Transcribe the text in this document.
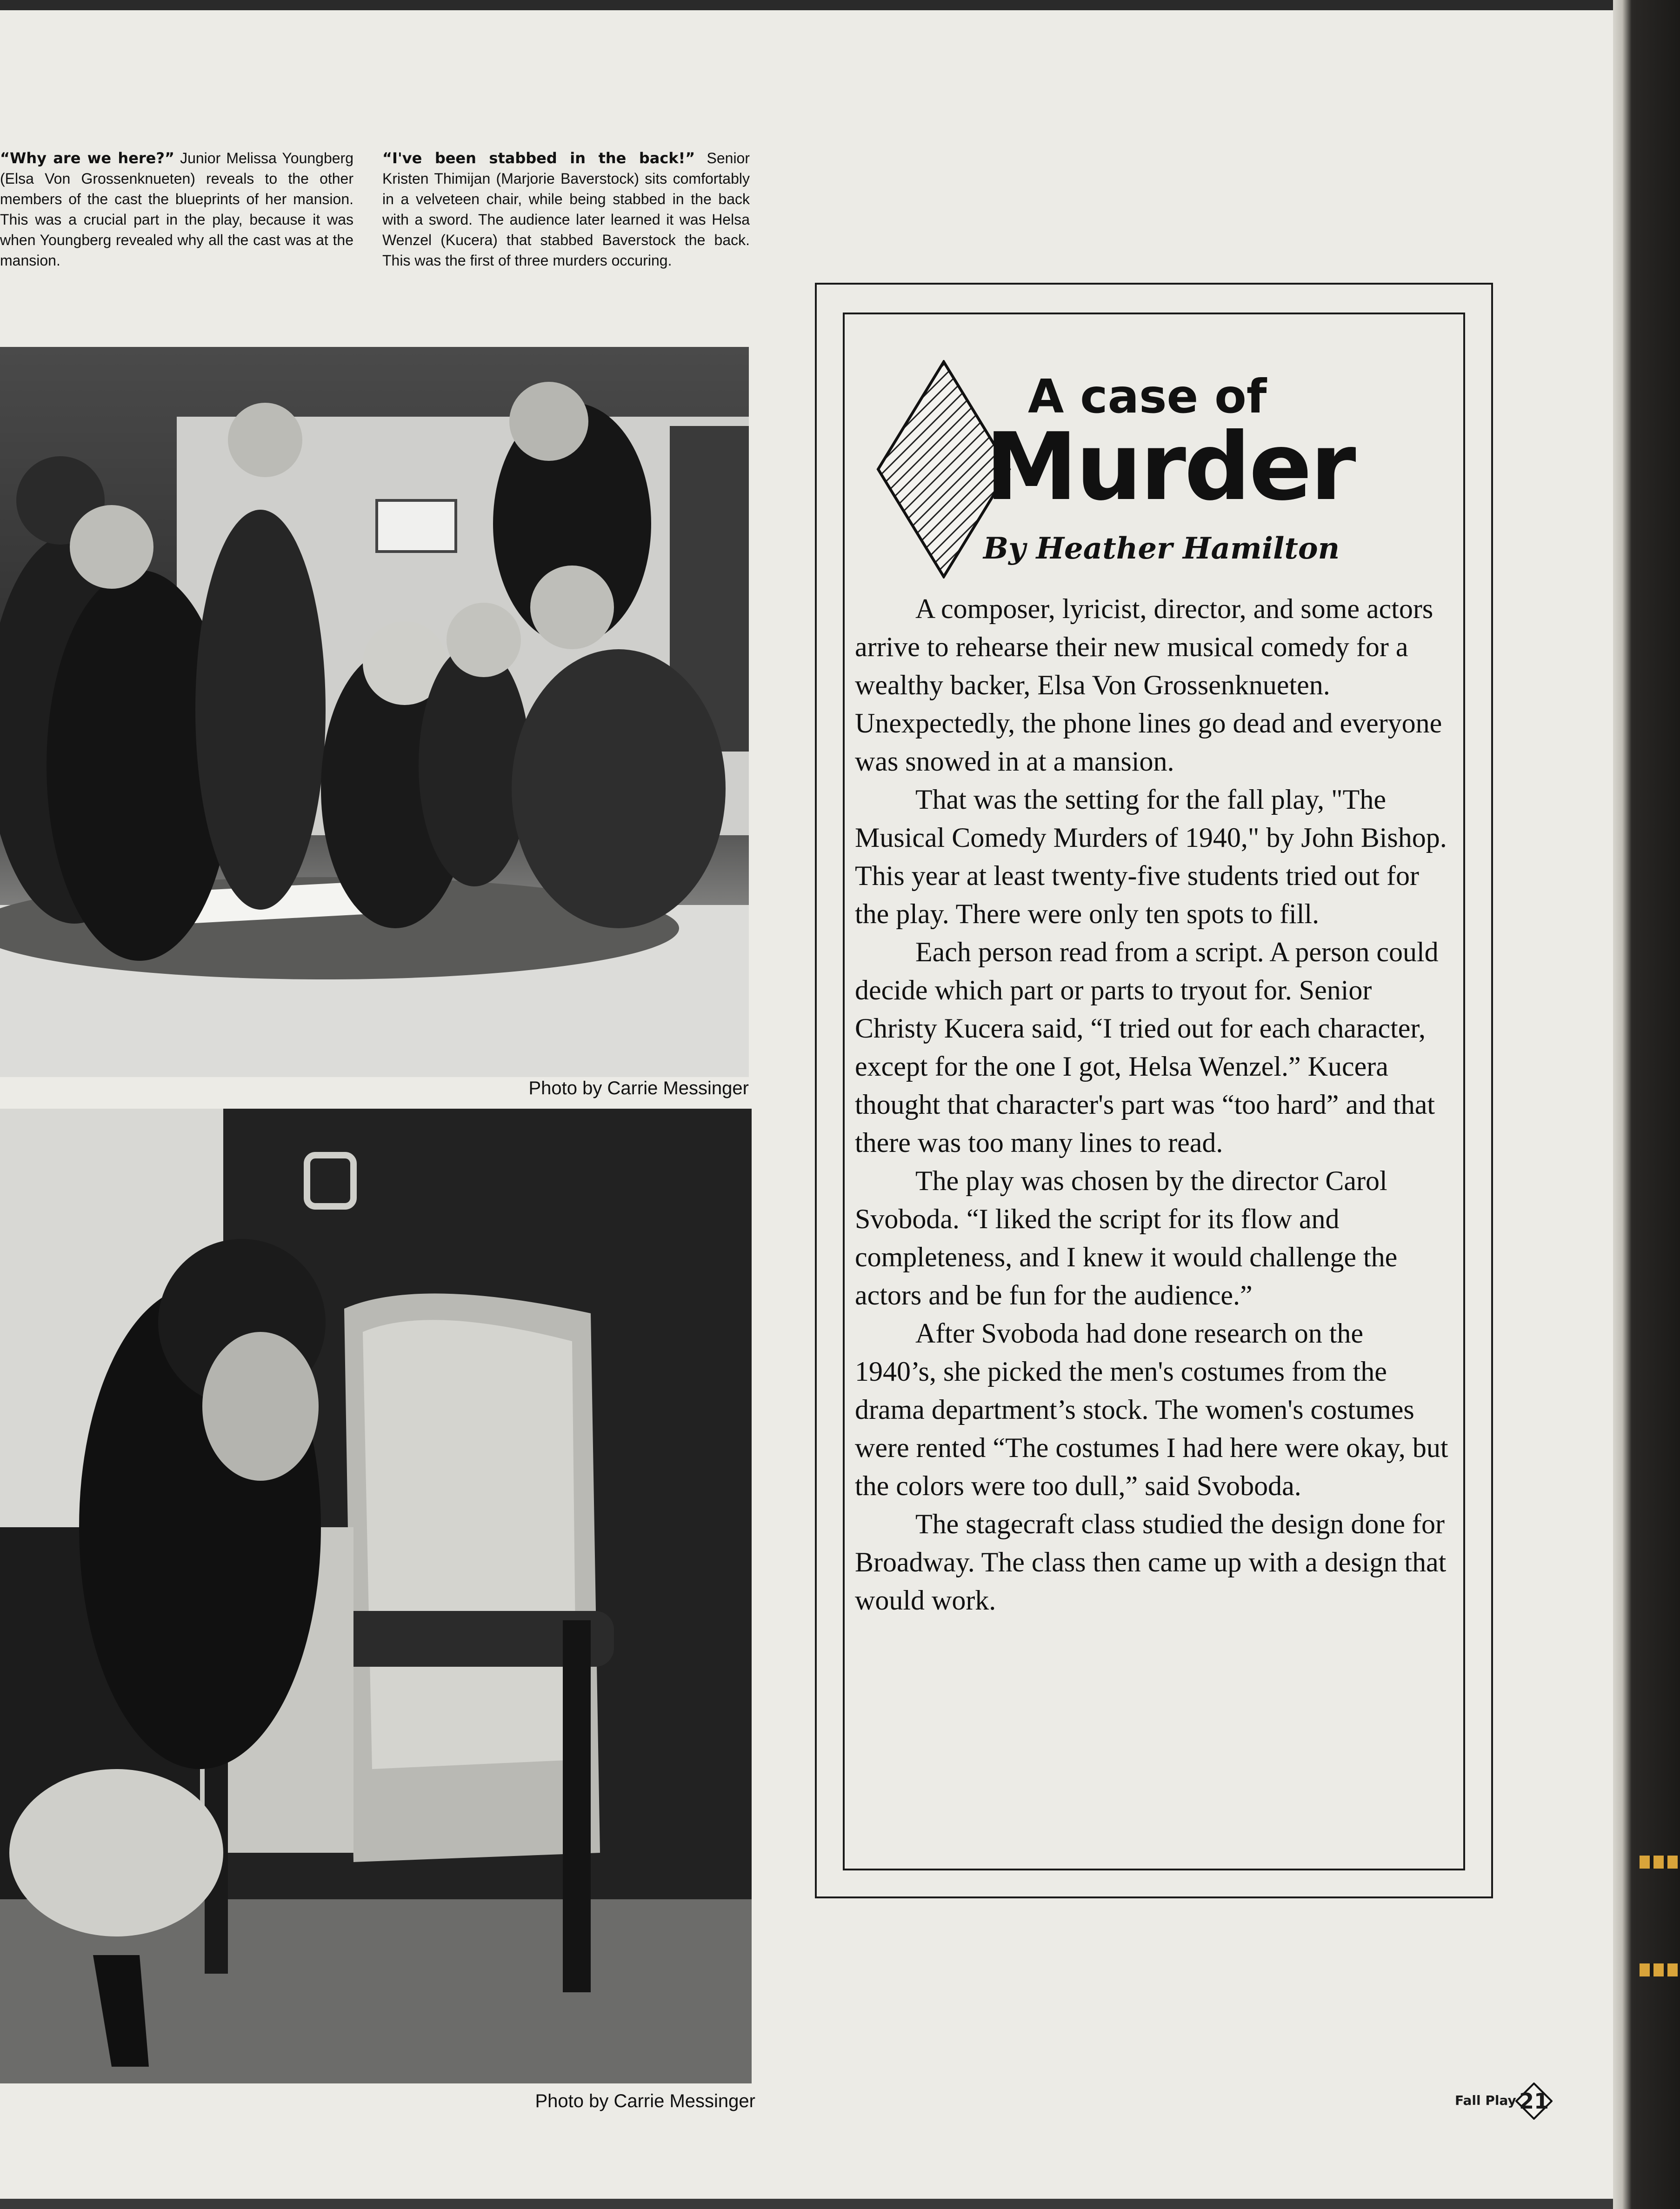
“Why are we here?” Junior Melissa Youngberg (Elsa Von Grossenknueten) reveals to the other members of the cast the blueprints of her mansion. This was a crucial part in the play, because it was when Youngberg revealed why all the cast was at the mansion.
“I've been stabbed in the back!” Senior Kristen Thimijan (Marjorie Baverstock) sits comfortably in a velveteen chair, while being stabbed in the back with a sword. The audience later learned it was Helsa Wenzel (Kucera) that stabbed Baverstock the back. This was the first of three murders occuring.
Photo by Carrie Messinger
Photo by Carrie Messinger
A case of
Murder
By Heather Hamilton

A composer, lyricist, director, and some actors arrive to rehearse their new musical comedy for a wealthy backer, Elsa Von Grossenknueten. Unexpectedly, the phone lines go dead and everyone was snowed in at a mansion.

That was the setting for the fall play, "The Musical Comedy Murders of 1940," by John Bishop. This year at least twenty-five students tried out for the play. There were only ten spots to fill.

Each person read from a script. A person could decide which part or parts to tryout for. Senior Christy Kucera said, “I tried out for each character, except for the one I got, Helsa Wenzel.” Kucera thought that character's part was “too hard” and that there was too many lines to read.

The play was chosen by the director Carol Svoboda. “I liked the script for its flow and completeness, and I knew it would challenge the actors and be fun for the audience.”

After Svoboda had done research on the 1940’s, she picked the men's costumes from the drama department’s stock. The women's costumes were rented “The costumes I had here were okay, but the colors were too dull,” said Svoboda.

The stagecraft class studied the design done for Broadway. The class then came up with a design that would work.

Fall Play 21
